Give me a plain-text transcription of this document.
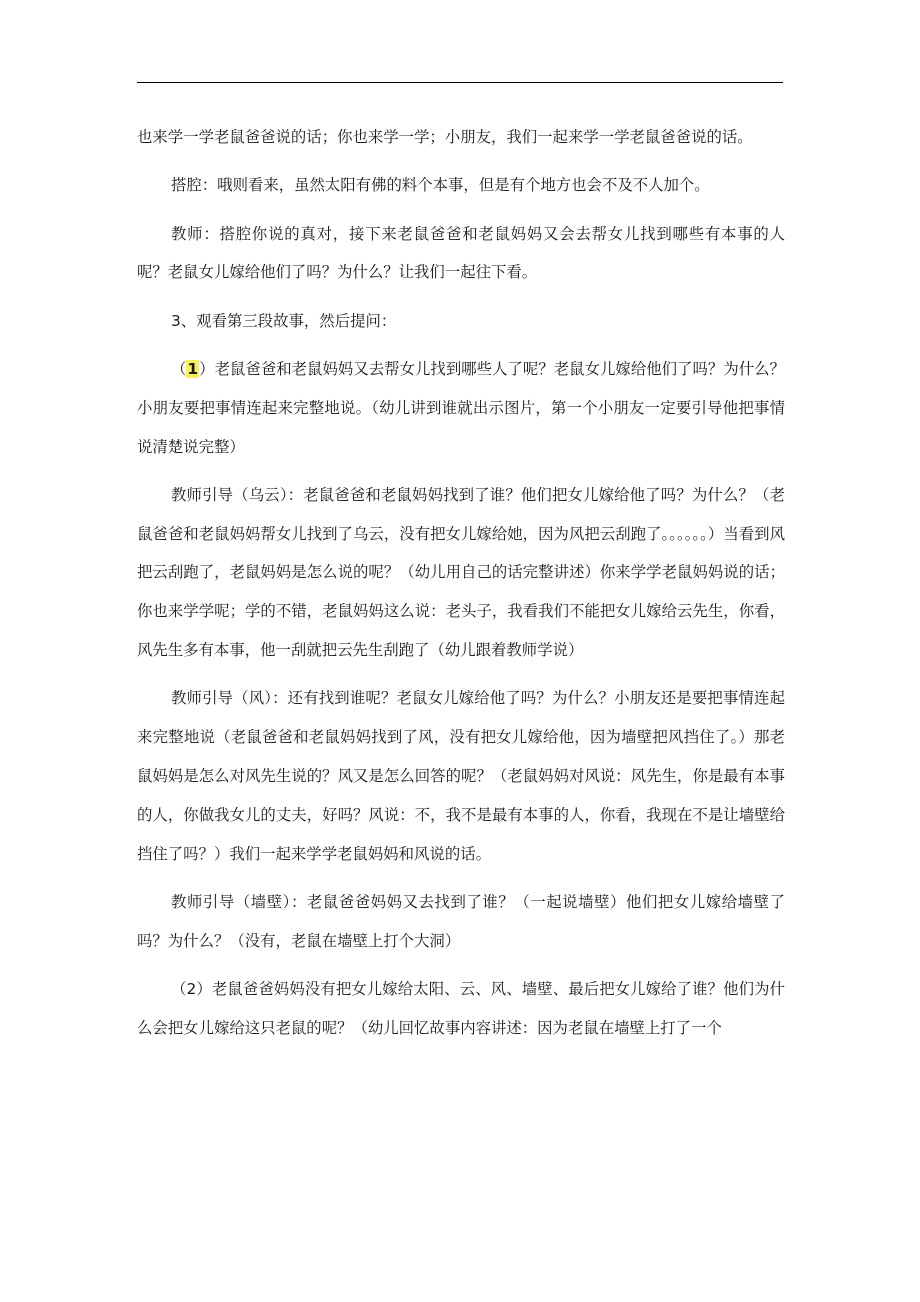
也来学一学老鼠爸爸说的话；你也来学一学；小朋友，我们一起来学一学老鼠爸爸说的话。

搭腔：哦则看来，虽然太阳有佛的料个本事，但是有个地方也会不及不人加个。

教师：搭腔你说的真对，接下来老鼠爸爸和老鼠妈妈又会去帮女儿找到哪些有本事的人呢？老鼠女儿嫁给他们了吗？为什么？让我们一起往下看。

3、观看第三段故事，然后提问：

（1）老鼠爸爸和老鼠妈妈又去帮女儿找到哪些人了呢？老鼠女儿嫁给他们了吗？为什么？小朋友要把事情连起来完整地说。（幼儿讲到谁就出示图片，第一个小朋友一定要引导他把事情说清楚说完整）

教师引导（乌云）：老鼠爸爸和老鼠妈妈找到了谁？他们把女儿嫁给他了吗？为什么？（老鼠爸爸和老鼠妈妈帮女儿找到了乌云，没有把女儿嫁给她，因为风把云刮跑了。。。。。。）当看到风把云刮跑了，老鼠妈妈是怎么说的呢？（幼儿用自己的话完整讲述）你来学学老鼠妈妈说的话；你也来学学呢；学的不错，老鼠妈妈这么说：老头子，我看我们不能把女儿嫁给云先生，你看，风先生多有本事，他一刮就把云先生刮跑了（幼儿跟着教师学说）

教师引导（风）：还有找到谁呢？老鼠女儿嫁给他了吗？为什么？小朋友还是要把事情连起来完整地说（老鼠爸爸和老鼠妈妈找到了风，没有把女儿嫁给他，因为墙壁把风挡住了。）那老鼠妈妈是怎么对风先生说的？风又是怎么回答的呢？（老鼠妈妈对风说：风先生，你是最有本事的人，你做我女儿的丈夫，好吗？风说：不，我不是最有本事的人，你看，我现在不是让墙壁给挡住了吗？）我们一起来学学老鼠妈妈和风说的话。

教师引导（墙壁）：老鼠爸爸妈妈又去找到了谁？（一起说墙壁）他们把女儿嫁给墙壁了吗？为什么？（没有，老鼠在墙壁上打个大洞）

（2）老鼠爸爸妈妈没有把女儿嫁给太阳、云、风、墙壁、最后把女儿嫁给了谁？他们为什么会把女儿嫁给这只老鼠的呢？（幼儿回忆故事内容讲述：因为老鼠在墙壁上打了一个
